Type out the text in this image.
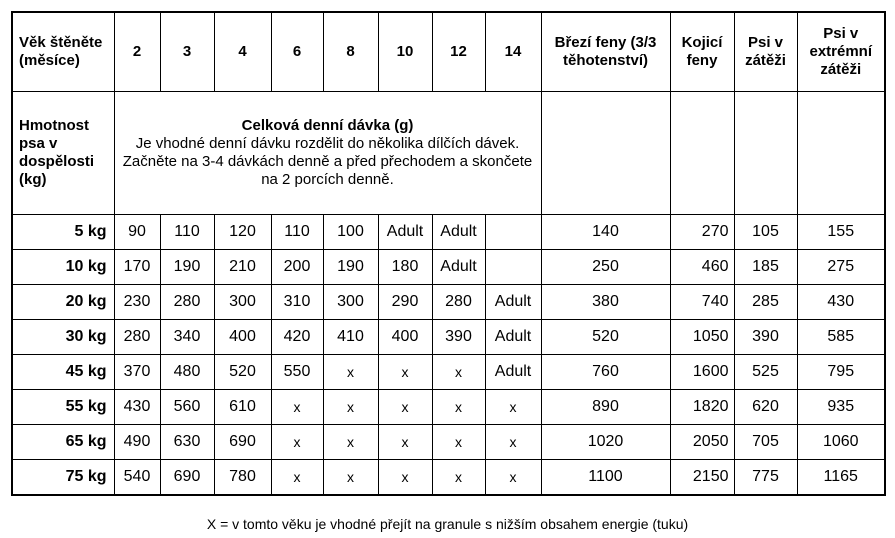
Věk štěněte (měsíce)	2	3	4	6	8	10	12	14	Březí feny (3/3 těhotenství)	Kojicí feny	Psi v zátěži	Psi v extrémní zátěži
Hmotnost psa v dospělosti (kg)	Celková denní dávka (g)
Je vhodné denní dávku rozdělit do několika dílčích dávek. Začněte na 3-4 dávkách denně a před přechodem a skončete na 2 porcích denně.											
5 kg	90	110	120	110	100	Adult	Adult		140	270	105	155
10 kg	170	190	210	200	190	180	Adult		250	460	185	275
20 kg	230	280	300	310	300	290	280	Adult	380	740	285	430
30 kg	280	340	400	420	410	400	390	Adult	520	1050	390	585
45 kg	370	480	520	550	x	x	x	Adult	760	1600	525	795
55 kg	430	560	610	x	x	x	x	x	890	1820	620	935
65 kg	490	630	690	x	x	x	x	x	1020	2050	705	1060
75 kg	540	690	780	x	x	x	x	x	1100	2150	775	1165
X = v tomto věku je vhodné přejít na granule s nižším obsahem energie (tuku)
